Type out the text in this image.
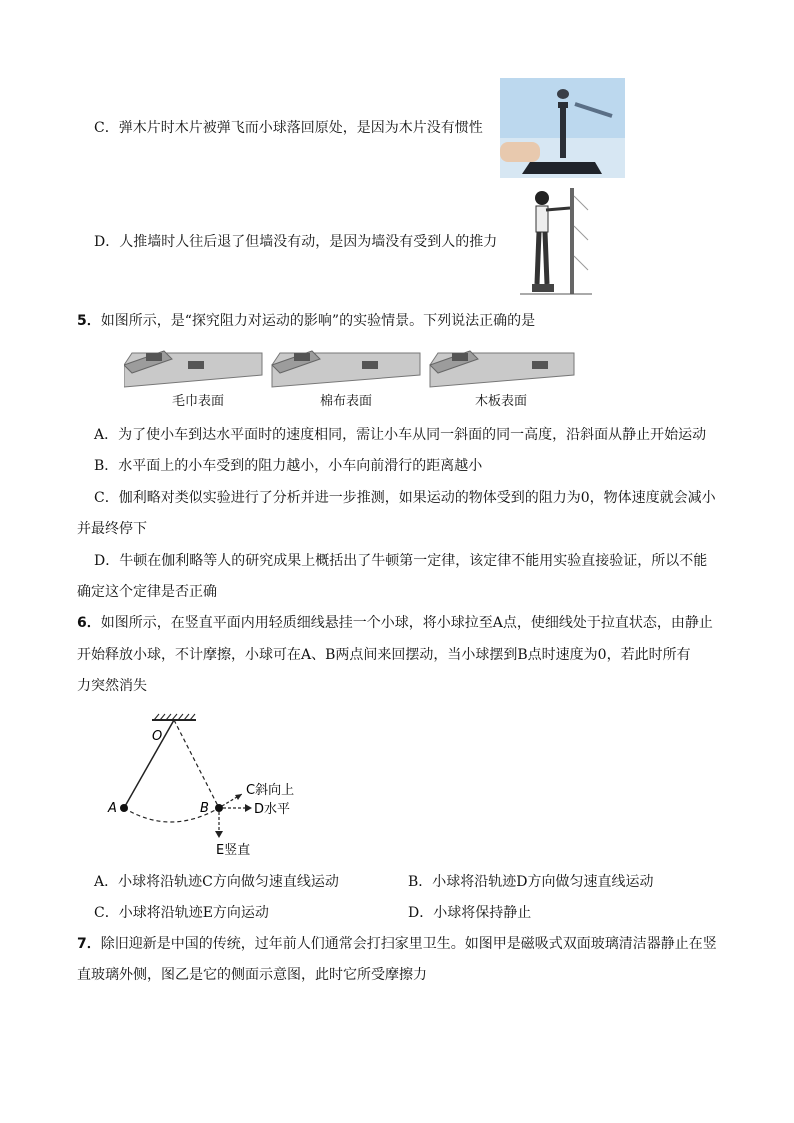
C．弹木片时木片被弹飞而小球落回原处，是因为木片没有惯性
D．人推墙时人往后退了但墙没有动，是因为墙没有受到人的推力
5．如图所示，是“探究阻力对运动的影响”的实验情景。下列说法正确的是
毛巾表面	棉布表面	木板表面
A．为了使小车到达水平面时的速度相同，需让小车从同一斜面的同一高度，沿斜面从静止开始运动
B．水平面上的小车受到的阻力越小，小车向前滑行的距离越小
C．伽利略对类似实验进行了分析并进一步推测，如果运动的物体受到的阻力为0，物体速度就会减小
并最终停下
D．牛顿在伽利略等人的研究成果上概括出了牛顿第一定律，该定律不能用实验直接验证，所以不能
确定这个定律是否正确
6．如图所示，在竖直平面内用轻质细线悬挂一个小球，将小球拉至A点，使细线处于拉直状态，由静止
开始释放小球，不计摩擦，小球可在A、B两点间来回摆动，当小球摆到B点时速度为0，若此时所有
力突然消失
O
A	B
C斜向上
D水平
E竖直
A．小球将沿轨迹C方向做匀速直线运动	B．小球将沿轨迹D方向做匀速直线运动
C．小球将沿轨迹E方向运动	D．小球将保持静止
7．除旧迎新是中国的传统，过年前人们通常会打扫家里卫生。如图甲是磁吸式双面玻璃清洁器静止在竖
直玻璃外侧，图乙是它的侧面示意图，此时它所受摩擦力
